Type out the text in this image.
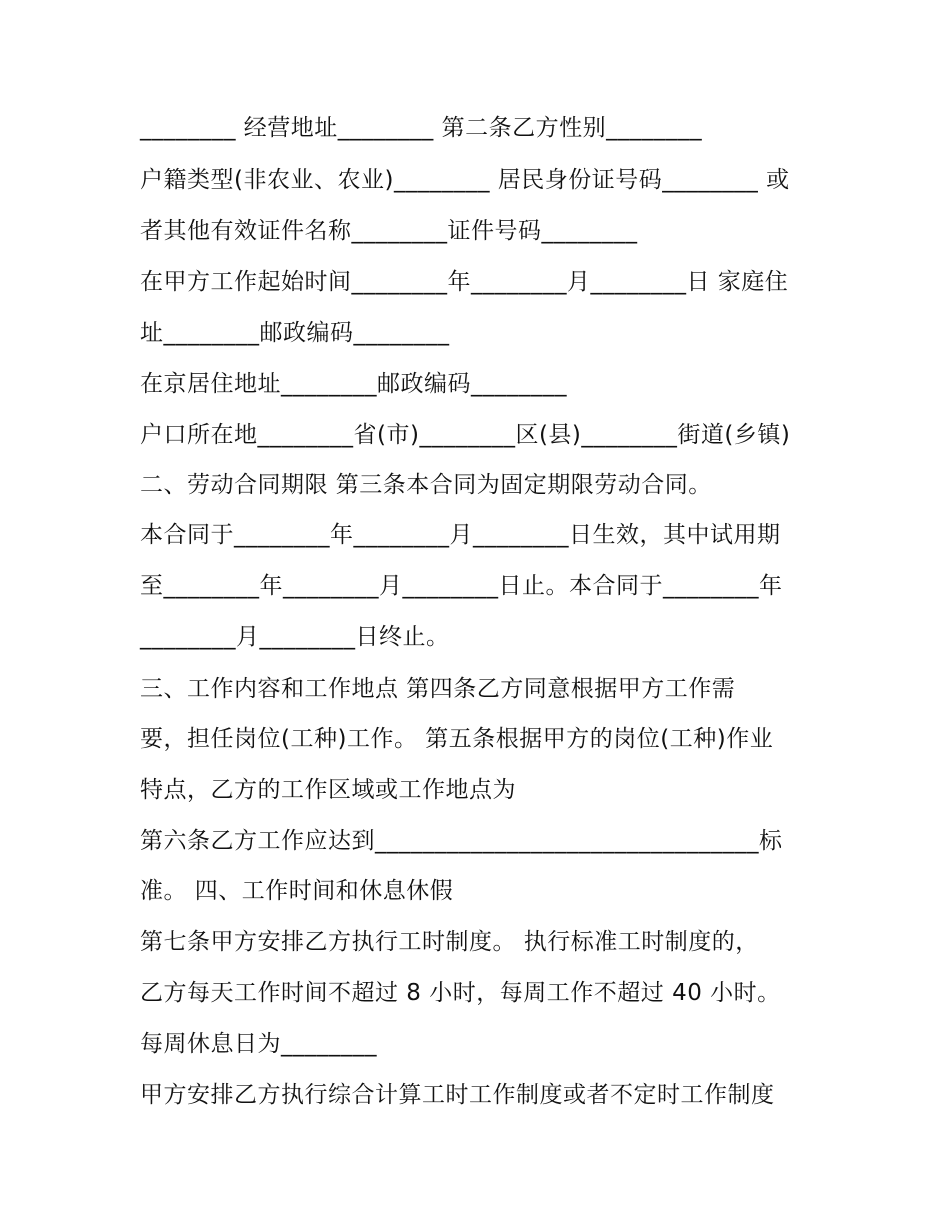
________ 经营地址________ 第二条乙方性别________
户籍类型(非农业、农业)________ 居民身份证号码________ 或
者其他有效证件名称________证件号码________
在甲方工作起始时间________年________月________日 家庭住
址________邮政编码________
在京居住地址________邮政编码________
户口所在地________省(市)________区(县)________街道(乡镇)
二、劳动合同期限 第三条本合同为固定期限劳动合同。
本合同于________年________月________日生效，其中试用期
至________年________月________日止。本合同于________年
________月________日终止。
三、工作内容和工作地点 第四条乙方同意根据甲方工作需
要，担任岗位(工种)工作。 第五条根据甲方的岗位(工种)作业
特点，乙方的工作区域或工作地点为
第六条乙方工作应达到________________________________标
准。 四、工作时间和休息休假
第七条甲方安排乙方执行工时制度。 执行标准工时制度的，
乙方每天工作时间不超过 8 小时，每周工作不超过 40 小时。
每周休息日为________
甲方安排乙方执行综合计算工时工作制度或者不定时工作制度
